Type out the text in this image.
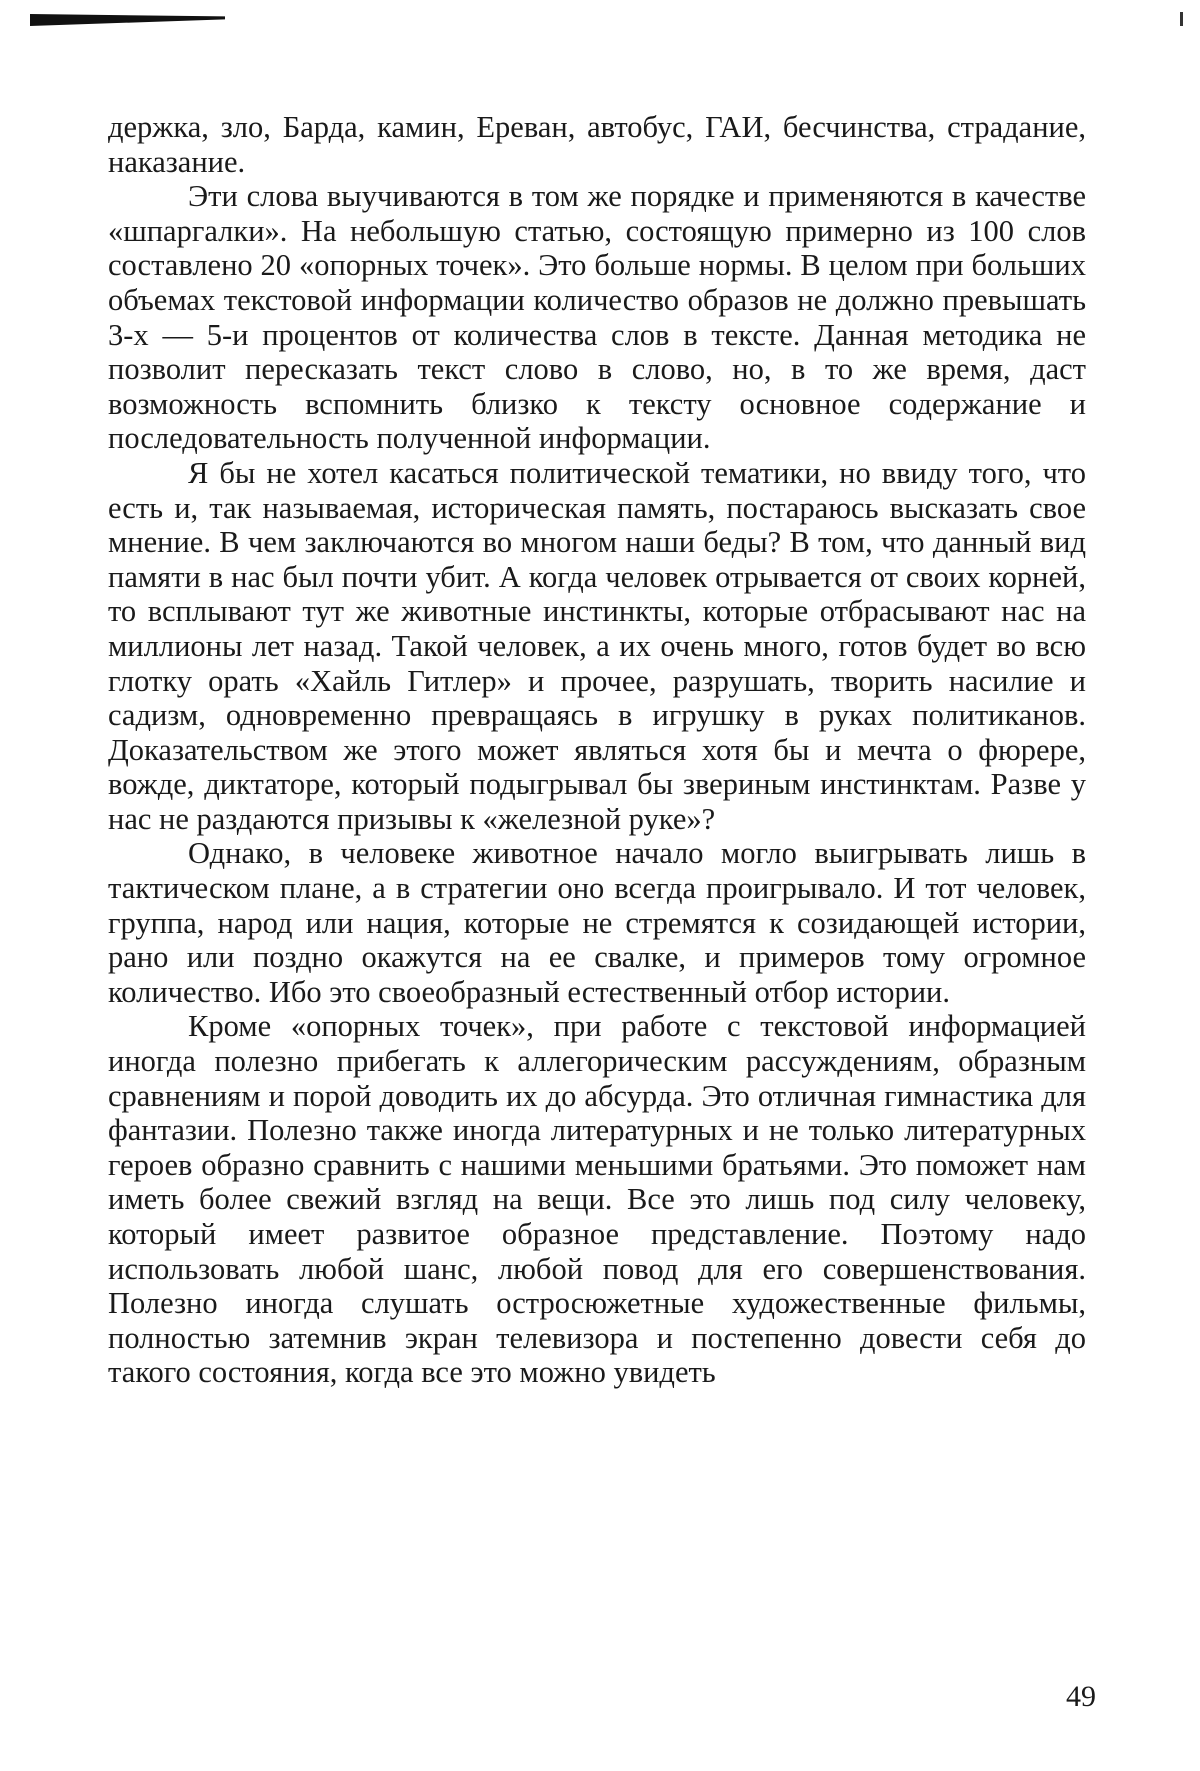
держка, зло, Барда, камин, Ереван, автобус, ГАИ, бесчинства, страдание, наказание.

Эти слова выучиваются в том же порядке и применяются в качестве «шпаргалки». На небольшую статью, состоящую примерно из 100 слов составлено 20 «опорных точек». Это больше нормы. В целом при больших объемах текстовой информации количество образов не должно превышать 3-х — 5-и процентов от количества слов в тексте. Данная методика не позволит пересказать текст слово в слово, но, в то же время, даст возможность вспомнить близко к тексту основное содержание и последовательность полученной информации.

Я бы не хотел касаться политической тематики, но ввиду того, что есть и, так называемая, историческая память, постараюсь высказать свое мнение. В чем заключаются во многом наши беды? В том, что данный вид памяти в нас был почти убит. А когда человек отрывается от своих корней, то всплывают тут же животные инстинкты, которые отбрасывают нас на миллионы лет назад. Такой человек, а их очень много, готов будет во всю глотку орать «Хайль Гитлер» и прочее, разрушать, творить насилие и садизм, одновременно превращаясь в игрушку в руках политиканов. Доказательством же этого может являться хотя бы и мечта о фюрере, вожде, диктаторе, который подыгрывал бы звериным инстинктам. Разве у нас не раздаются призывы к «железной руке»?

Однако, в человеке животное начало могло выигрывать лишь в тактическом плане, а в стратегии оно всегда проигрывало. И тот человек, группа, народ или нация, которые не стремятся к созидающей истории, рано или поздно окажутся на ее свалке, и примеров тому огромное количество. Ибо это своеобразный естественный отбор истории.

Кроме «опорных точек», при работе с текстовой информацией иногда полезно прибегать к аллегорическим рассуждениям, образным сравнениям и порой доводить их до абсурда. Это отличная гимнастика для фантазии. Полезно также иногда литературных и не только литературных героев образно сравнить с нашими меньшими братьями. Это поможет нам иметь более свежий взгляд на вещи. Все это лишь под силу человеку, который имеет развитое образное представление. Поэтому надо использовать любой шанс, любой повод для его совершенствования. Полезно иногда слушать остросюжетные художественные фильмы, полностью затемнив экран телевизора и постепенно довести себя до такого состояния, когда все это можно увидеть

49
